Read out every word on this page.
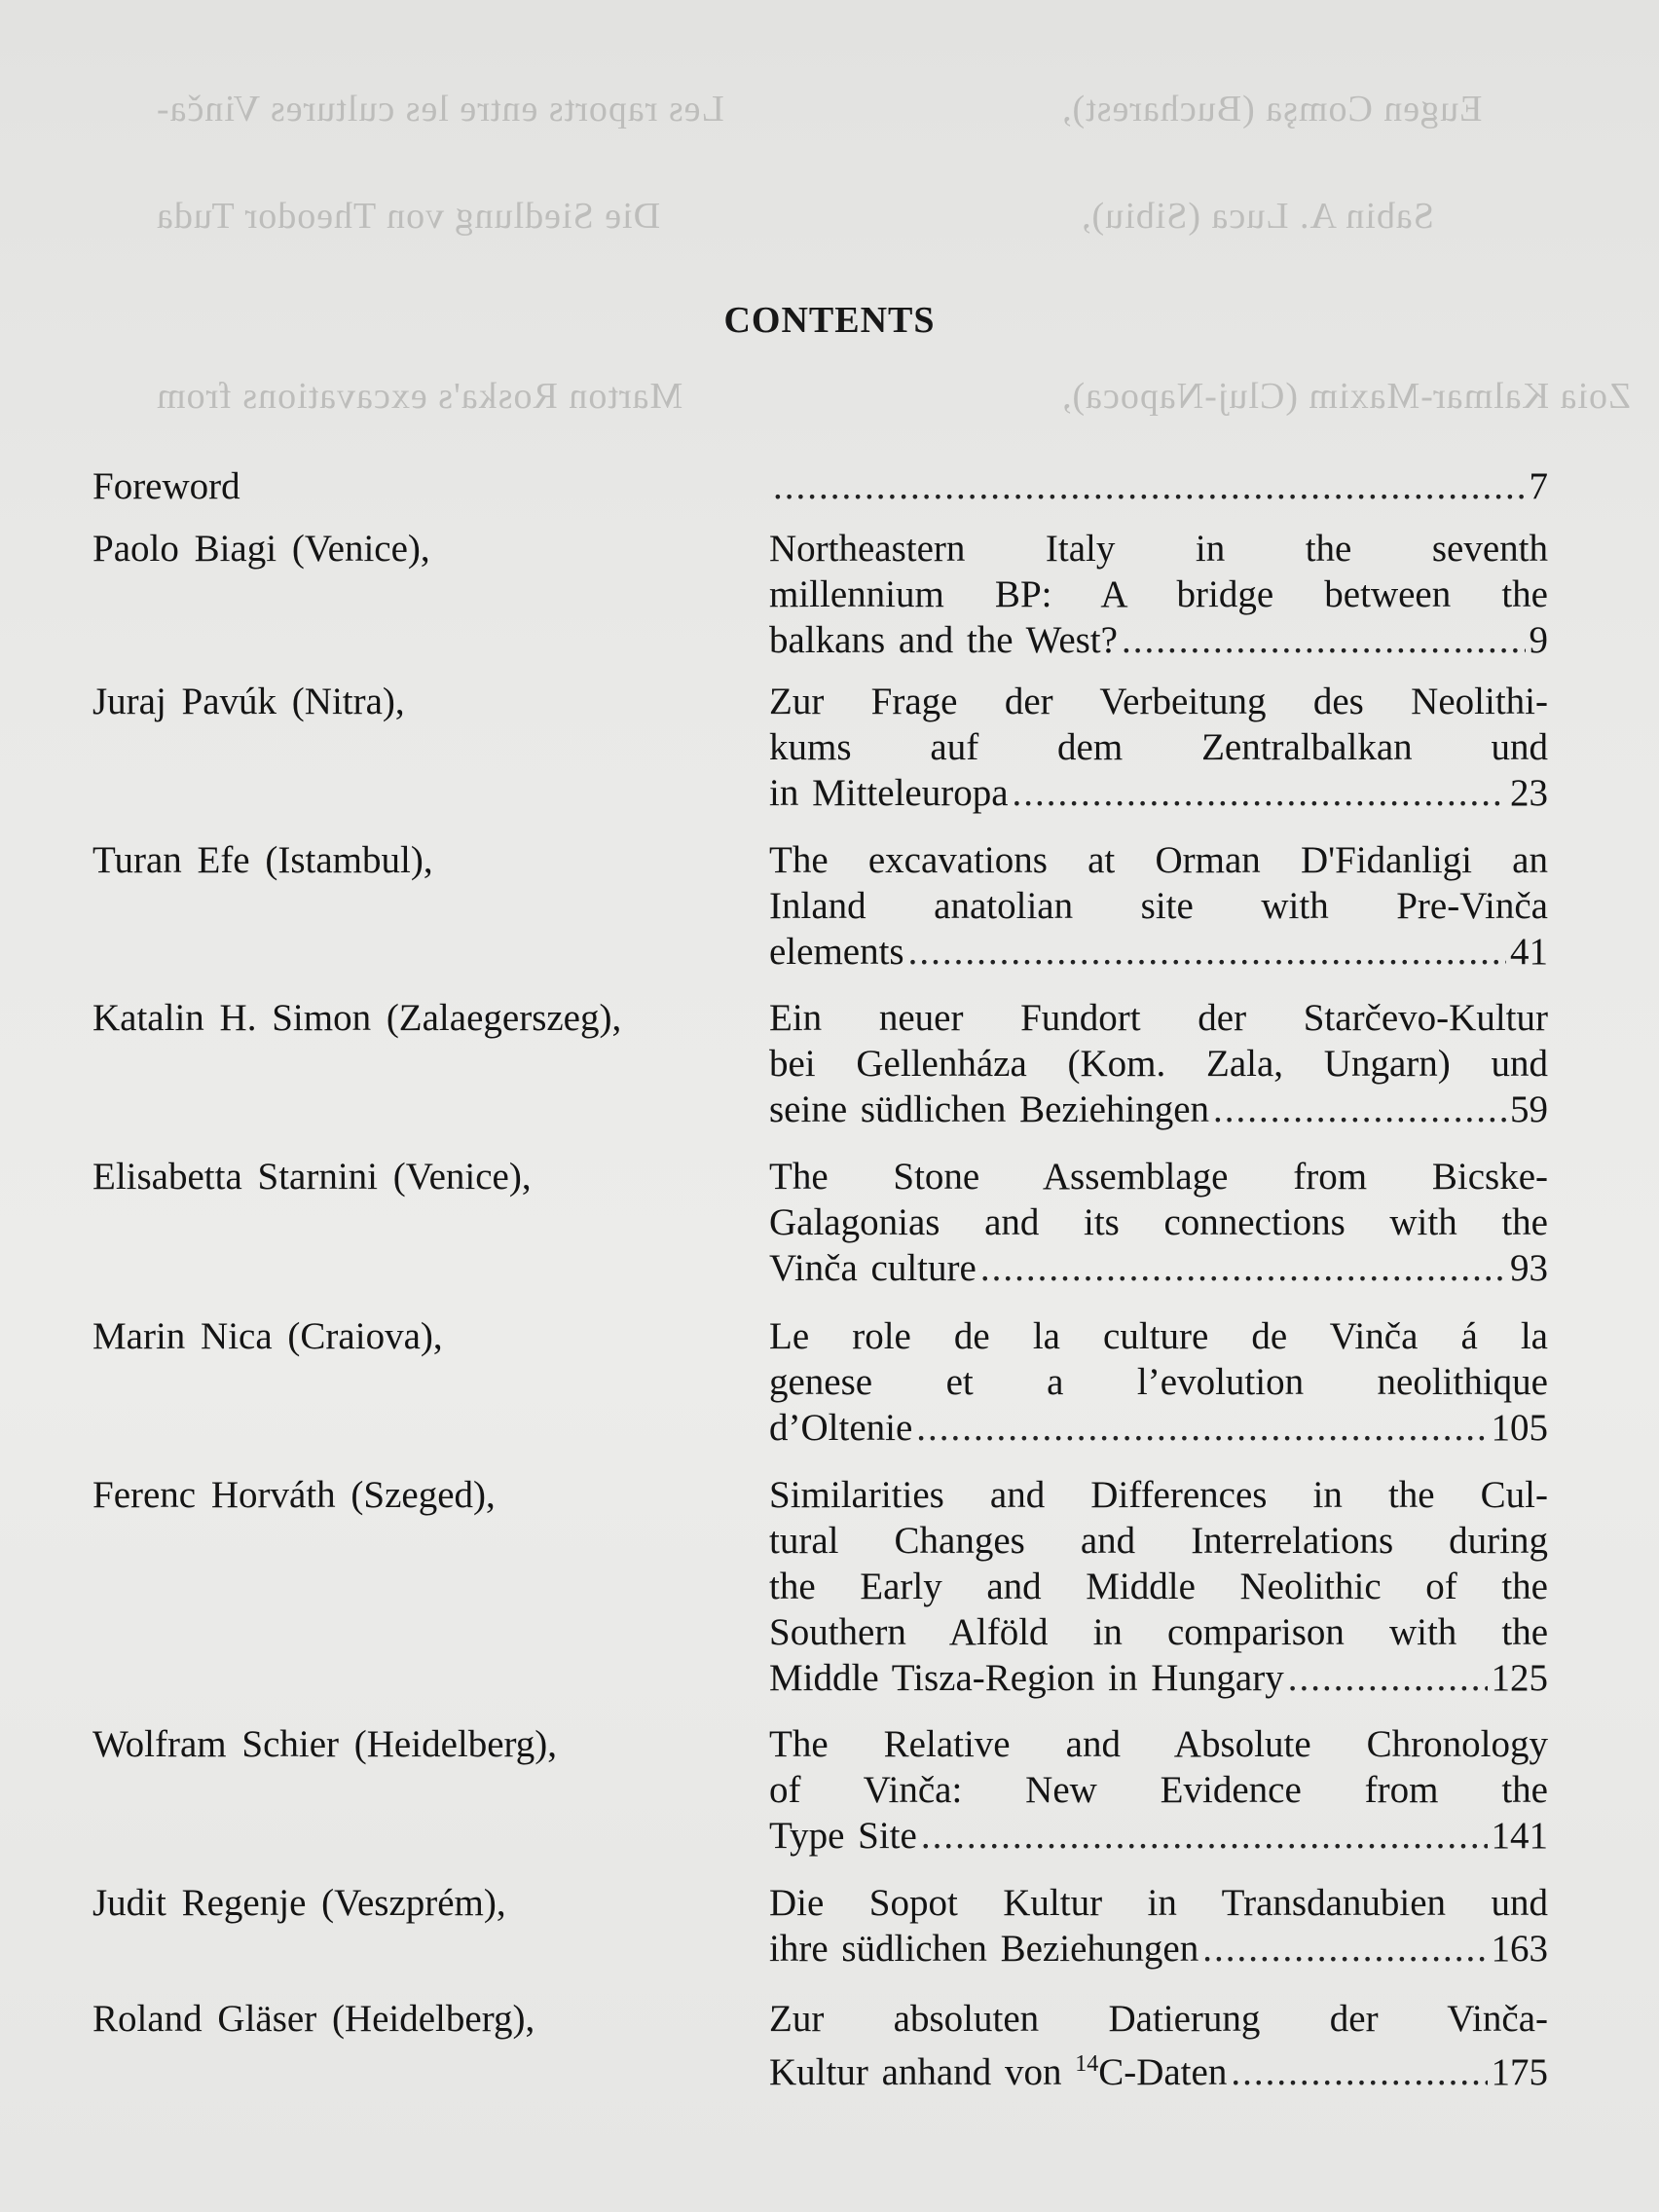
Les raports entre les cultures Vinča-	Eugen Comşa (Bucharest),
Die Siedlung von Theodor Tuda	Sabin A. Luca (Sibiu),
Marton Roska's excavations from	Zoia Kalmar-Maxim (Cluj-Napoca),
CONTENTS
Foreword .....	7
Paolo Biagi (Venice),	Northeastern Italy in the seventh
millennium BP: A bridge between the
balkans and the West? .....	9
Juraj Pavúk (Nitra),	Zur Frage der Verbeitung des Neolithi-
kums auf dem Zentralbalkan und
in Mitteleuropa .....	23
Turan Efe (Istambul),	The excavations at Orman D'Fidanligi an
Inland anatolian site with Pre-Vinča
elements .....	41
Katalin H. Simon (Zalaegerszeg),	Ein neuer Fundort der Starčevo-Kultur
bei Gellenháza (Kom. Zala, Ungarn) und
seine südlichen Beziehingen .....	59
Elisabetta Starnini (Venice),	The Stone Assemblage from Bicske-
Galagonias and its connections with the
Vinča culture .....	93
Marin Nica (Craiova),	Le role de la culture de Vinča á la
genese et a l’evolution neolithique
d’Oltenie .....	105
Ferenc Horváth (Szeged),	Similarities and Differences in the Cul-
tural Changes and Interrelations during
the Early and Middle Neolithic of the
Southern Alföld in comparison with the
Middle Tisza-Region in Hungary .....	125
Wolfram Schier (Heidelberg),	The Relative and Absolute Chronology
of Vinča: New Evidence from the
Type Site .....	141
Judit Regenje (Veszprém),	Die Sopot Kultur in Transdanubien und
ihre südlichen Beziehungen .....	163
Roland Gläser (Heidelberg),	Zur absoluten Datierung der Vinča-
Kultur anhand von $^{14}$C-Daten .....	175
